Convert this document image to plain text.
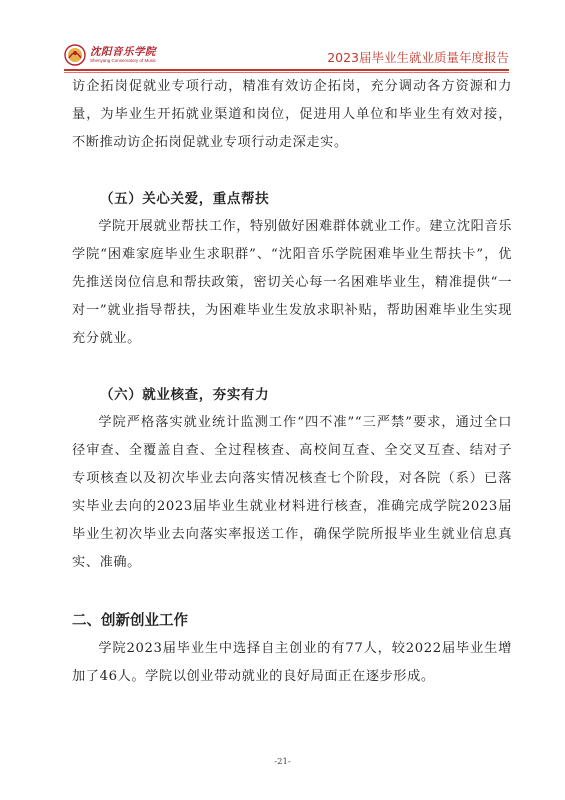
沈阳音乐学院
Shenyang Conservatory of Music	2023届毕业生就业质量年度报告

访企拓岗促就业专项行动，精准有效访企拓岗，充分调动各方资源和力量，为毕业生开拓就业渠道和岗位，促进用人单位和毕业生有效对接，不断推动访企拓岗促就业专项行动走深走实。

（五）关心关爱，重点帮扶

学院开展就业帮扶工作，特别做好困难群体就业工作。建立沈阳音乐学院“困难家庭毕业生求职群”、“沈阳音乐学院困难毕业生帮扶卡”，优先推送岗位信息和帮扶政策，密切关心每一名困难毕业生，精准提供“一对一”就业指导帮扶，为困难毕业生发放求职补贴，帮助困难毕业生实现充分就业。

（六）就业核查，夯实有力

学院严格落实就业统计监测工作“四不准”“三严禁”要求，通过全口径审查、全覆盖自查、全过程核查、高校间互查、全交叉互查、结对子专项核查以及初次毕业去向落实情况核查七个阶段，对各院（系）已落实毕业去向的2023届毕业生就业材料进行核查，准确完成学院2023届毕业生初次毕业去向落实率报送工作，确保学院所报毕业生就业信息真实、准确。

二、创新创业工作

学院2023届毕业生中选择自主创业的有77人，较2022届毕业生增加了46人。学院以创业带动就业的良好局面正在逐步形成。

-21-
